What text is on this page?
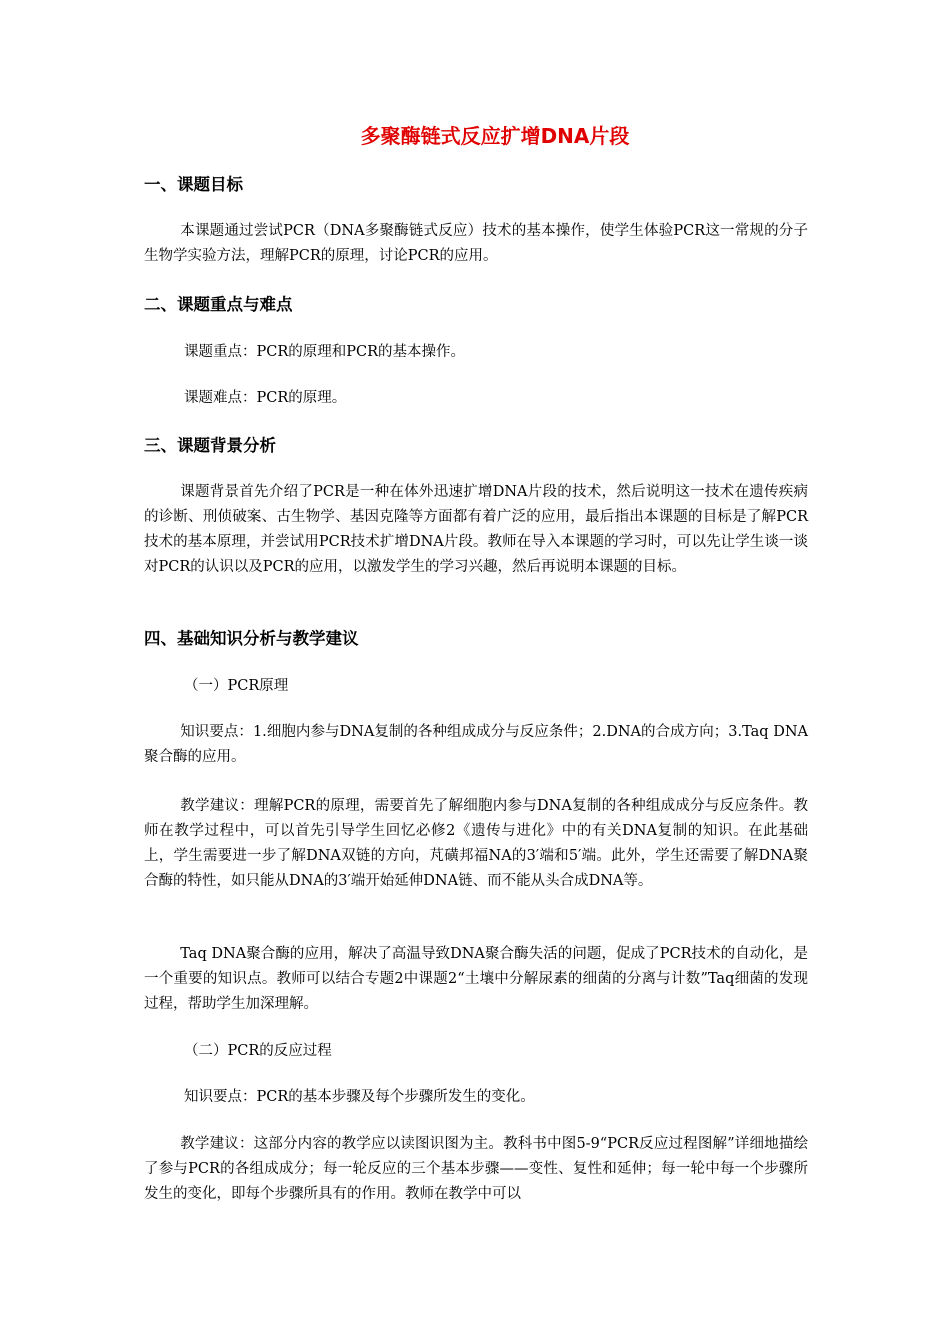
多聚酶链式反应扩增DNA片段
一、课题目标

本课题通过尝试PCR（DNA多聚酶链式反应）技术的基本操作，使学生体验PCR这一常规的分子生物学实验方法，理解PCR的原理，讨论PCR的应用。

二、课题重点与难点

课题重点：PCR的原理和PCR的基本操作。

课题难点：PCR的原理。

三、课题背景分析

课题背景首先介绍了PCR是一种在体外迅速扩增DNA片段的技术，然后说明这一技术在遗传疾病的诊断、刑侦破案、古生物学、基因克隆等方面都有着广泛的应用，最后指出本课题的目标是了解PCR技术的基本原理，并尝试用PCR技术扩增DNA片段。教师在导入本课题的学习时，可以先让学生谈一谈对PCR的认识以及PCR的应用，以激发学生的学习兴趣，然后再说明本课题的目标。

四、基础知识分析与教学建议

（一）PCR原理

知识要点：1.细胞内参与DNA复制的各种组成成分与反应条件；2.DNA的合成方向；3.Taq DNA聚合酶的应用。

教学建议：理解PCR的原理，需要首先了解细胞内参与DNA复制的各种组成成分与反应条件。教师在教学过程中，可以首先引导学生回忆必修2《遗传与进化》中的有关DNA复制的知识。在此基础上，学生需要进一步了解DNA双链的方向，芃磺邦福NA的3′端和5′端。此外，学生还需要了解DNA聚合酶的特性，如只能从DNA的3′端开始延伸DNA链、而不能从头合成DNA等。

Taq DNA聚合酶的应用，解决了高温导致DNA聚合酶失活的问题，促成了PCR技术的自动化，是一个重要的知识点。教师可以结合专题2中课题2“土壤中分解尿素的细菌的分离与计数”Taq细菌的发现过程，帮助学生加深理解。

（二）PCR的反应过程

知识要点：PCR的基本步骤及每个步骤所发生的变化。

教学建议：这部分内容的教学应以读图识图为主。教科书中图5-9“PCR反应过程图解”详细地描绘了参与PCR的各组成成分；每一轮反应的三个基本步骤——变性、复性和延伸；每一轮中每一个步骤所发生的变化，即每个步骤所具有的作用。教师在教学中可以
